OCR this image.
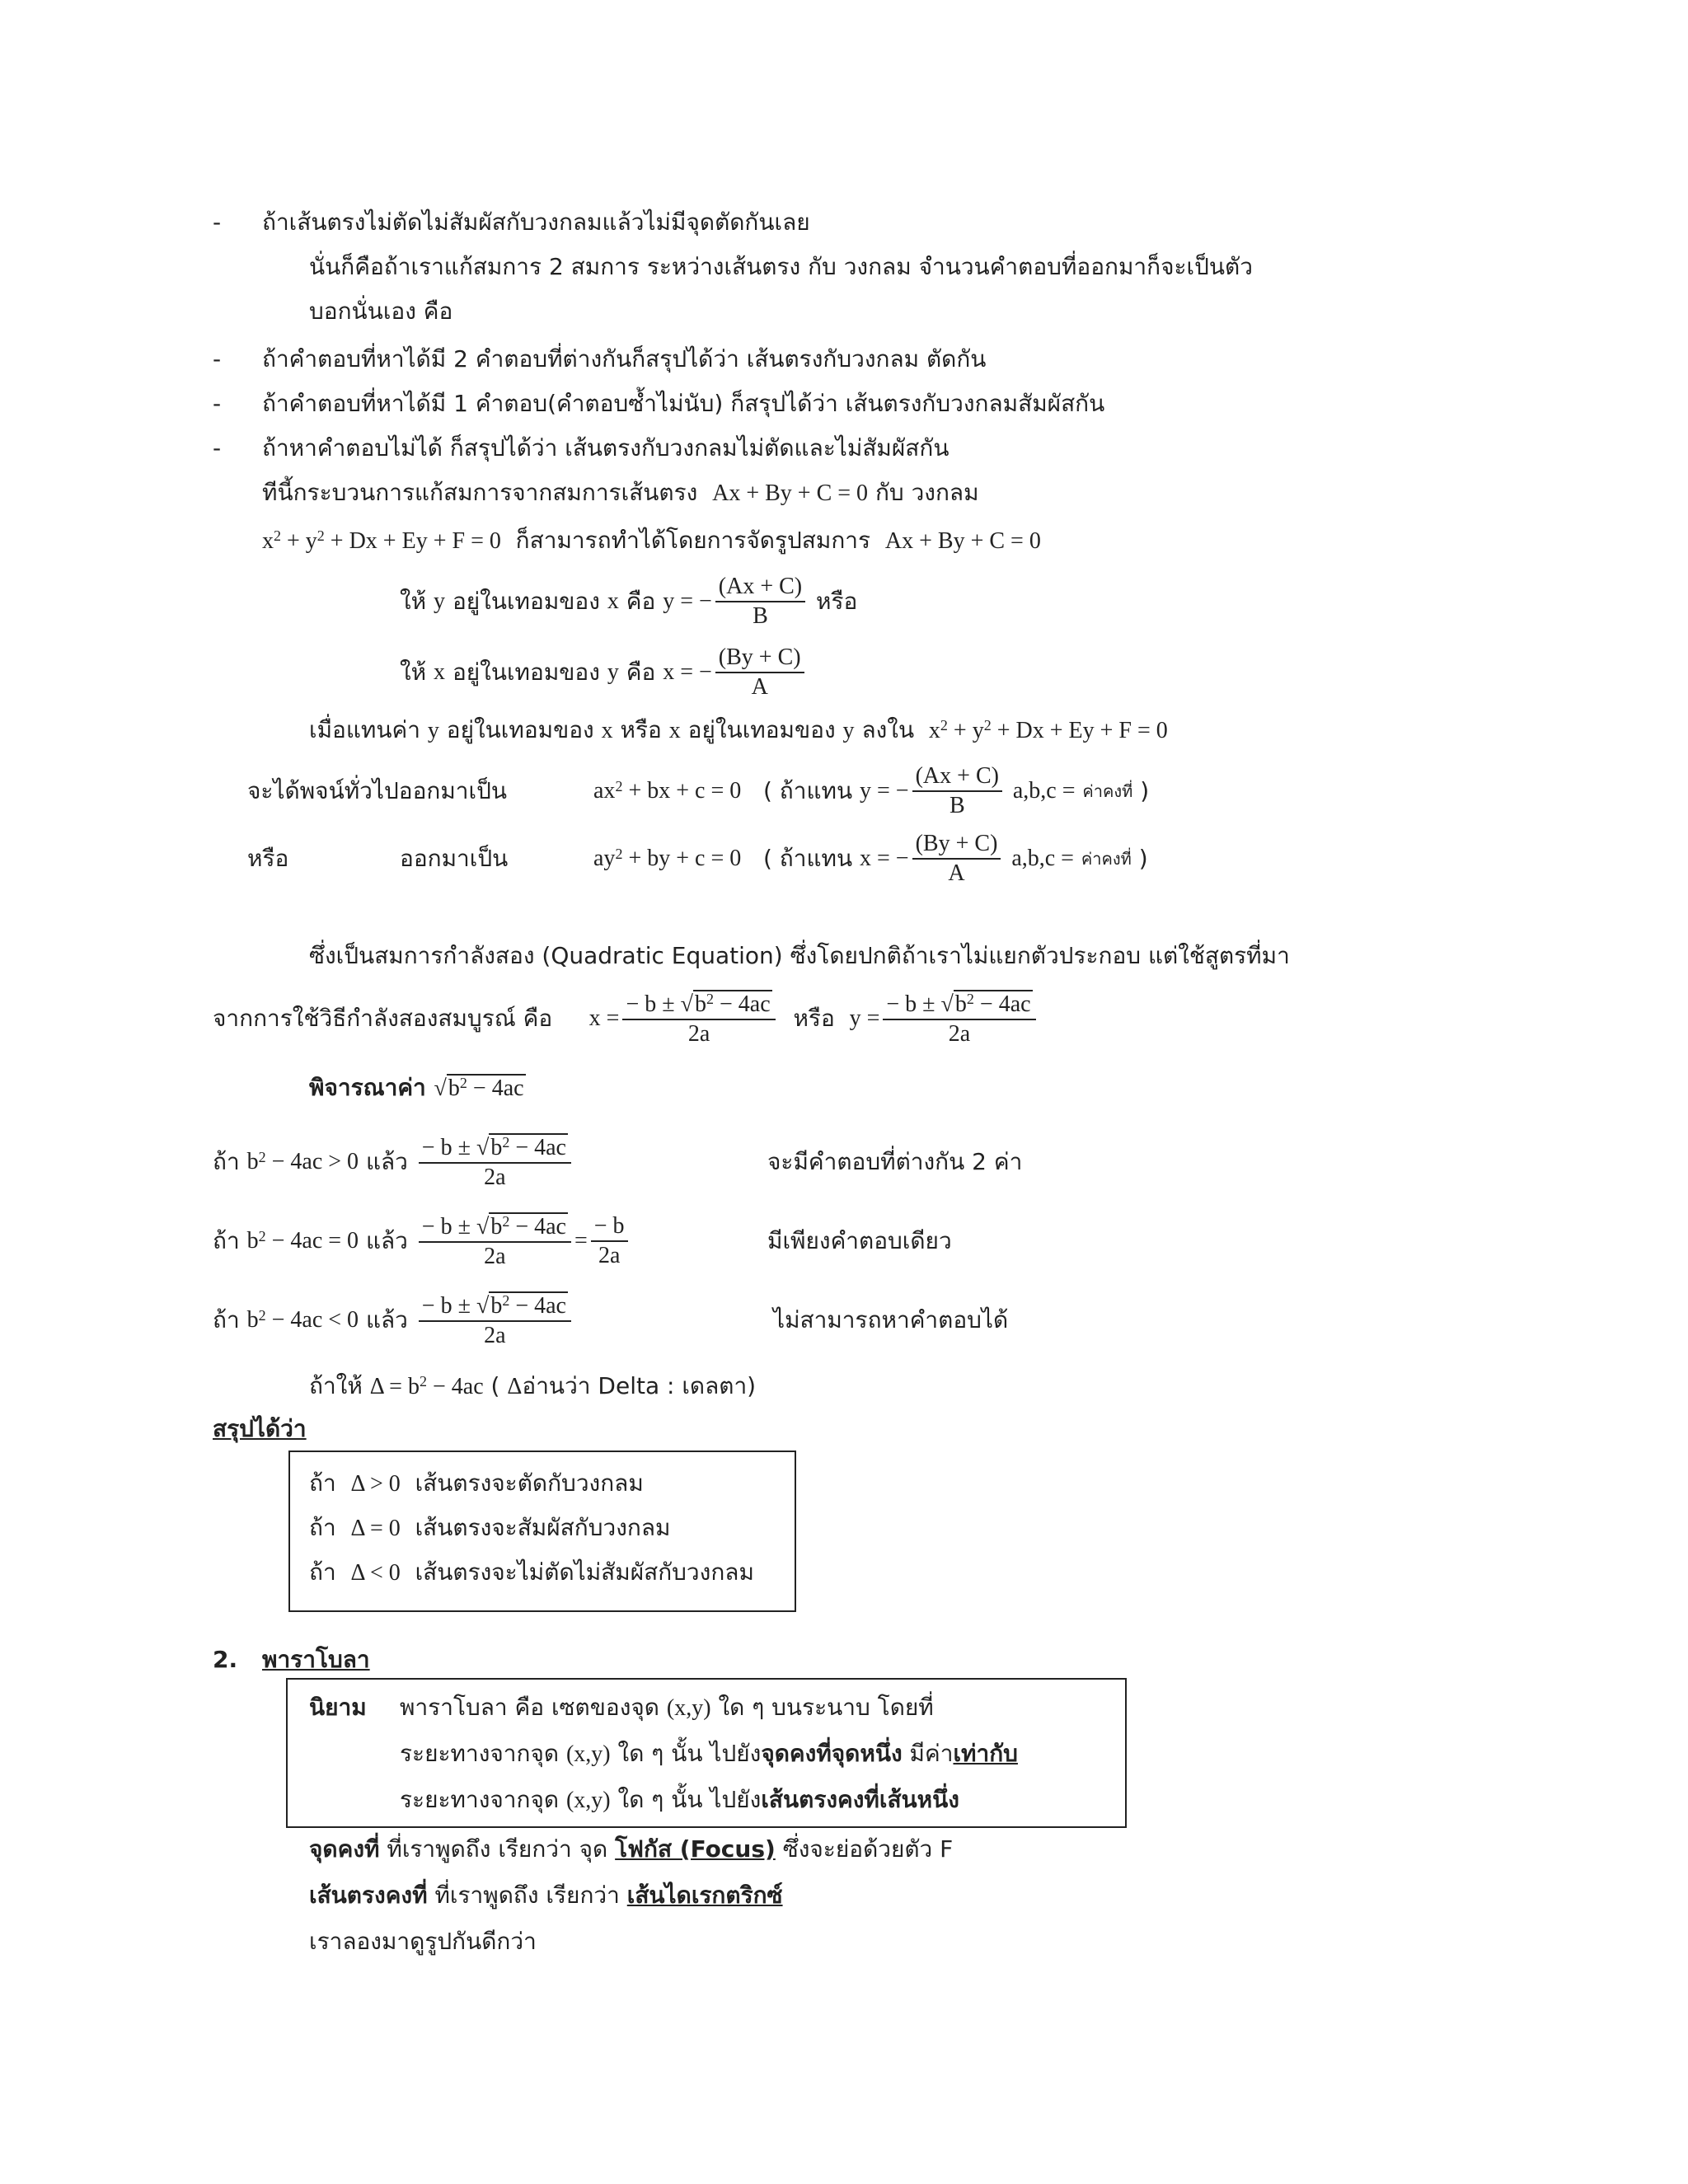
- ถ้าเส้นตรงไม่ตัดไม่สัมผัสกับวงกลมแล้วไม่มีจุดตัดกันเลย
นั่นก็คือถ้าเราแก้สมการ 2 สมการ ระหว่างเส้นตรง กับ วงกลม จำนวนคำตอบที่ออกมาก็จะเป็นตัว
บอกนั่นเอง คือ
- ถ้าคำตอบที่หาได้มี 2 คำตอบที่ต่างกันก็สรุปได้ว่า เส้นตรงกับวงกลม ตัดกัน
- ถ้าคำตอบที่หาได้มี 1 คำตอบ(คำตอบซ้ำไม่นับ) ก็สรุปได้ว่า เส้นตรงกับวงกลมสัมผัสกัน
- ถ้าหาคำตอบไม่ได้ ก็สรุปได้ว่า เส้นตรงกับวงกลมไม่ตัดและไม่สัมผัสกัน
ทีนี้กระบวนการแก้สมการจากสมการเส้นตรง Ax + By + C = 0 กับ วงกลม
$x^2 + y^2 + Dx + Ey + F = 0$ ก็สามารถทำได้โดยการจัดรูปสมการ Ax + By + C = 0
ให้
y
อยู่ในเทอมของ
x
คือ
y = − $\frac{(Ax + C)}{B}$
หรือ
ให้
x
อยู่ในเทอมของ
y
คือ
x = − $\frac{(By + C)}{A}$
เมื่อแทนค่า y อยู่ในเทอมของ x หรือ x อยู่ในเทอมของ y ลงใน $x^2 + y^2 + Dx + Ey + F = 0$
จะได้พจน์ทั่วไปออกมาเป็น	$ax^2$ + bx + c = 0
( ถ้าแทน
y = − $\frac{(Ax + C)}{B}$
a,b,c =
ค่าคงที่ )
หรือ	ออกมาเป็น	$ay^2$ + by + c = 0
( ถ้าแทน
x = − $\frac{(By + C)}{A}$
a,b,c =
ค่าคงที่ )
ซึ่งเป็นสมการกำลังสอง (Quadratic Equation) ซึ่งโดยปกติถ้าเราไม่แยกตัวประกอบ แต่ใช้สูตรที่มา
จากการใช้วิธีกำลังสองสมบูรณ์ คือ
$x = \frac{- b \pm √b^2 - 4ac}{2a}$
หรือ
$y = \frac{- b \pm √b^2 - 4ac}{2a}$
พิจารณาค่า $√b^2 - 4ac$
ถ้า
$b^2 - 4ac > 0$
แล้ว
$\frac{- b \pm √b^2 - 4ac}{2a}$	จะมีคำตอบที่ต่างกัน 2 ค่า
ถ้า
$b^2 - 4ac = 0$
แล้ว
$\frac{- b \pm √b^2 - 4ac}{2a} = \frac{- b}{2a}$	มีเพียงคำตอบเดียว
ถ้า
$b^2 - 4ac < 0$
แล้ว
$\frac{- b \pm √b^2 - 4ac}{2a}$	ไม่สามารถหาคำตอบได้
ถ้าให้ $\Delta = b^2 - 4ac$ ( Δอ่านว่า Delta : เดลตา)
สรุปได้ว่า
ถ้า Δ > 0 เส้นตรงจะตัดกับวงกลม
ถ้า Δ = 0 เส้นตรงจะสัมผัสกับวงกลม
ถ้า Δ < 0 เส้นตรงจะไม่ตัดไม่สัมผัสกับวงกลม
2. พาราโบลา
นิยาม พาราโบลา คือ เซตของจุด (x,y) ใด ๆ บนระนาบ โดยที่
ระยะทางจากจุด (x,y) ใด ๆ นั้น ไปยังจุดคงที่จุดหนึ่ง มีค่าเท่ากับ
ระยะทางจากจุด (x,y) ใด ๆ นั้น ไปยังเส้นตรงคงที่เส้นหนึ่ง
จุดคงที่ ที่เราพูดถึง เรียกว่า จุด โฟกัส (Focus) ซึ่งจะย่อด้วยตัว F
เส้นตรงคงที่ ที่เราพูดถึง เรียกว่า เส้นไดเรกตริกซ์
เราลองมาดูรูปกันดีกว่า
